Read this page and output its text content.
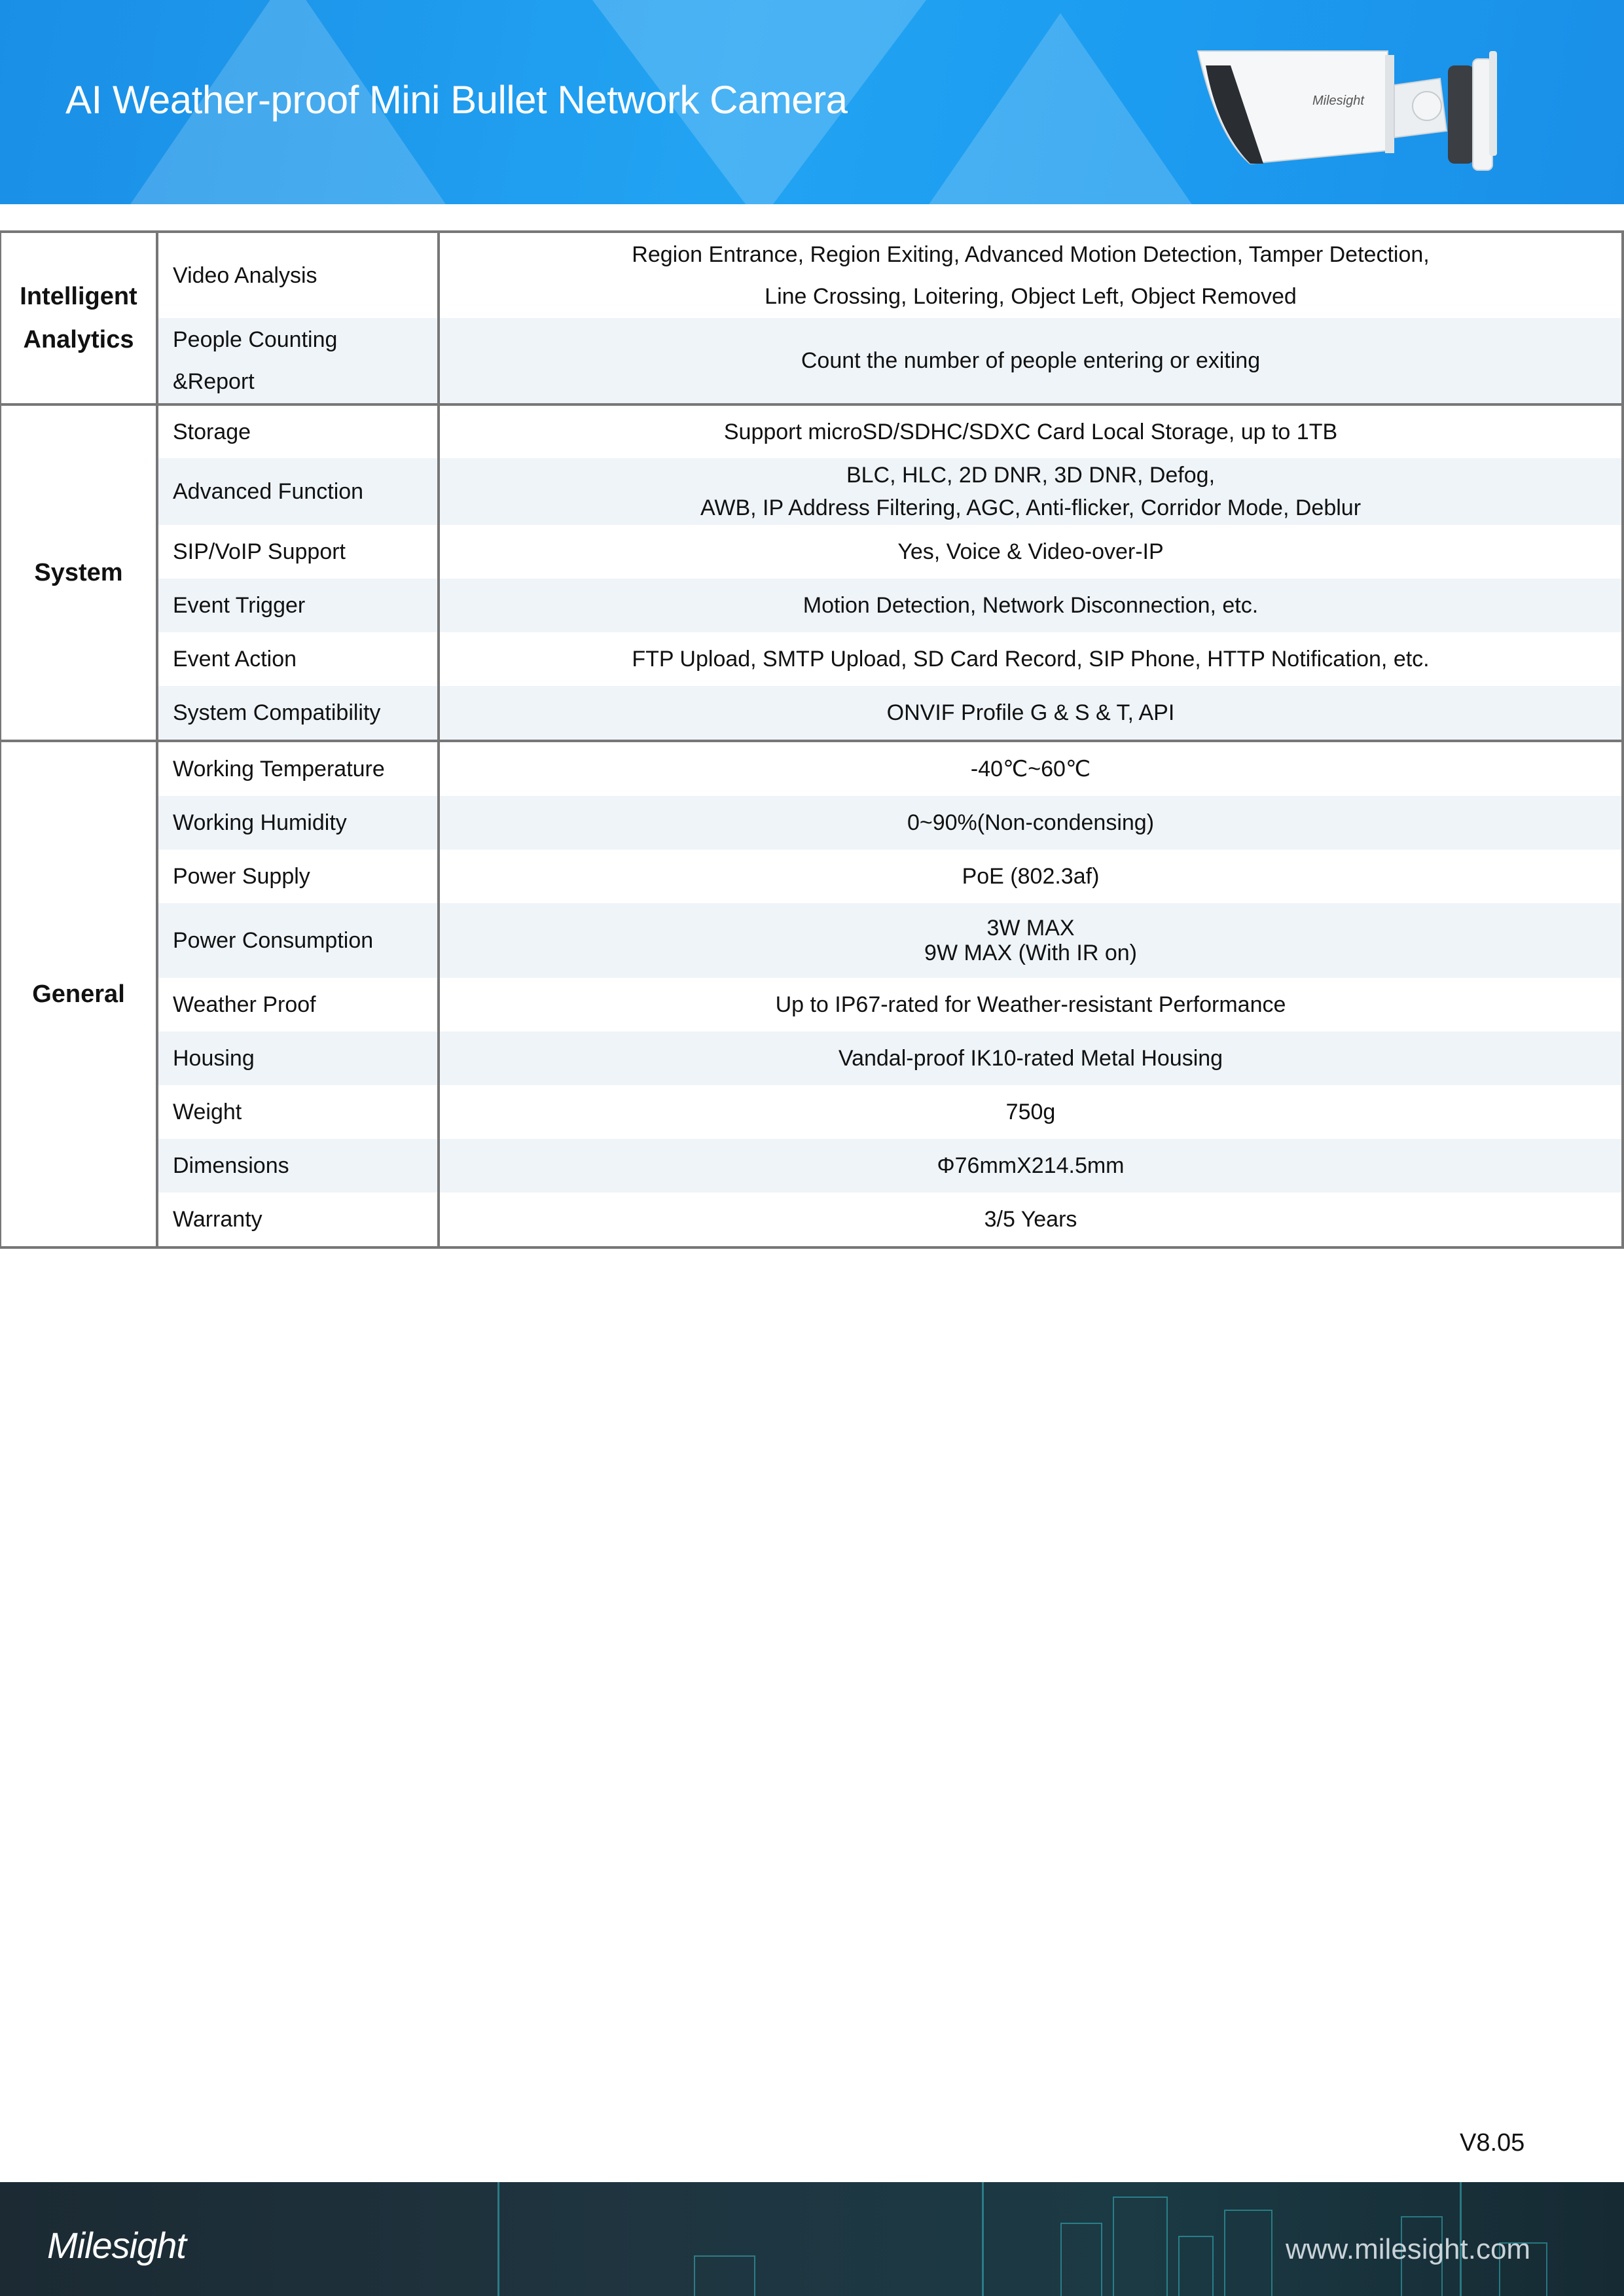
AI Weather-proof Mini Bullet Network Camera	Milesight
Intelligent Analytics	Video Analysis	Region Entrance, Region Exiting, Advanced Motion Detection, Tamper Detection,
Line Crossing, Loitering, Object Left, Object Removed

	People Counting &Report	Count the number of people entering or exiting
System	Storage	Support microSD/SDHC/SDXC Card Local Storage, up to 1TB
	Advanced Function	BLC, HLC, 2D DNR, 3D DNR, Defog,
AWB, IP Address Filtering, AGC, Anti-flicker, Corridor Mode, Deblur

	SIP/VoIP Support	Yes, Voice & Video-over-IP
	Event Trigger	Motion Detection, Network Disconnection, etc.
	Event Action	FTP Upload, SMTP Upload, SD Card Record, SIP Phone, HTTP Notification, etc.
	System Compatibility	ONVIF Profile G & S & T, API
General	Working Temperature	-40℃~60℃
	Working Humidity	0~90%(Non-condensing)
	Power Supply	PoE (802.3af)
	Power Consumption	3W MAX
9W MAX (With IR on)

	Weather Proof	Up to IP67-rated for Weather-resistant Performance
	Housing	Vandal-proof IK10-rated Metal Housing
	Weight	750g
	Dimensions	Φ76mmX214.5mm
	Warranty	3/5 Years
V8.05
Milesight	www.milesight.com
